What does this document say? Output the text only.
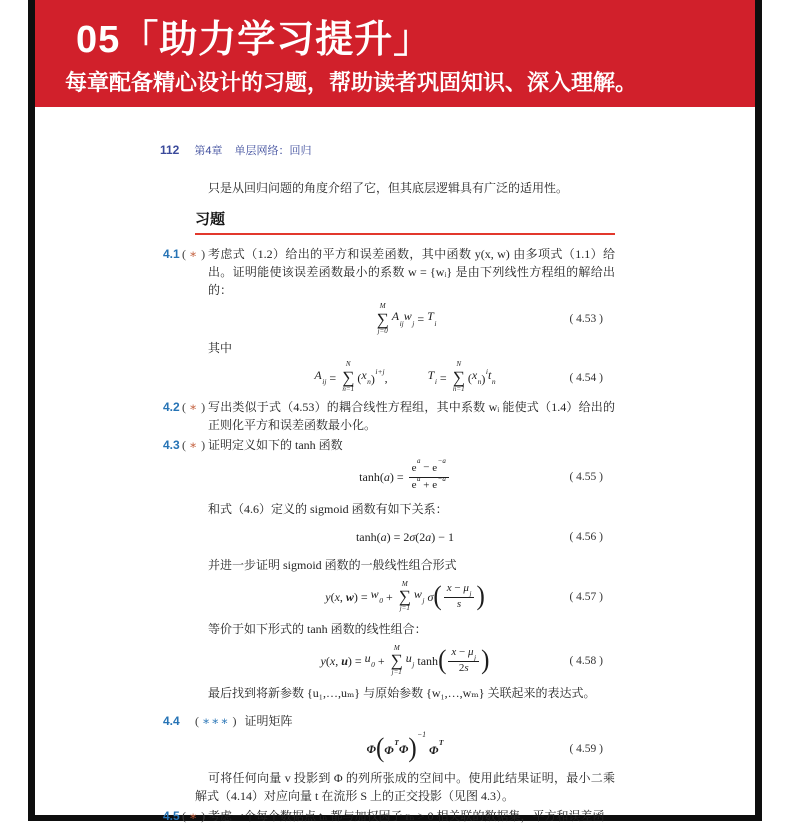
05「助力学习提升」
每章配备精心设计的习题，帮助读者巩固知识、深入理解。
112 第4章 单层网络：回归

只是从回归问题的角度介绍了它，但其底层逻辑具有广泛的适用性。

习题
4.1 ( ∗ ) 考虑式（1.2）给出的平方和误差函数，其中函数 y(x, w) 由多项式（1.1）给出。证明能使该误差函数最小的系数 w = {wᵢ} 是由下列线性方程组的解给出的：
M
∑
j=0
$A_{ij}$ $w_j = T_i$	( 4.53 )

其中

$A_{ij}$ =
N
∑
n=1
( $x_n$ )$^{i+j}$ ,	$T_i$ =
N
∑
n=1
( $x_n$ )$^i$ $t_n$	( 4.54 )
4.2 ( ∗ ) 写出类似于式（4.53）的耦合线性方程组，其中系数 wᵢ 能使式（1.4）给出的正则化平方和误差函数最小化。
4.3 ( ∗ ) 证明定义如下的 tanh 函数
tanh( a ) = $\frac{e^a - e^{-a}}{e^a + e^{-a}}$	( 4.55 )

和式（4.6）定义的 sigmoid 函数有如下关系：

tanh( a ) = 2 σ (2 a ) − 1	( 4.56 )

并进一步证明 sigmoid 函数的一般线性组合形式

y ( x , w ) = $w_0$ +
M
∑
j=1
$w_j$
σ ( $x - \mu_j$
s )	( 4.57 )

等价于如下形式的 tanh 函数的线性组合：

y ( x , u ) = $u_0$ +
M
∑
j=1
$u_j$ tanh ( $x - \mu_j$
2s )	( 4.58 )

最后找到将新参数 {u₁,…,uₘ} 与原始参数 {w₁,…,wₘ} 关联起来的表达式。

4.4 ( ∗∗∗ ) 证明矩阵
Φ ( $\Phi^T$ Φ )$^{-1}$

$\Phi^T$	( 4.59 )

可将任何向量 v 投影到 Φ 的列所张成的空间中。使用此结果证明，最小二乘解式（4.14）对应向量 t 在流形 S 上的正交投影（见图 4.3）。

4.5 ( ∗ ) 考虑一个每个数据点 tₙ 都与加权因子 rₙ > 0 相关联的数据集，平方和误差函
